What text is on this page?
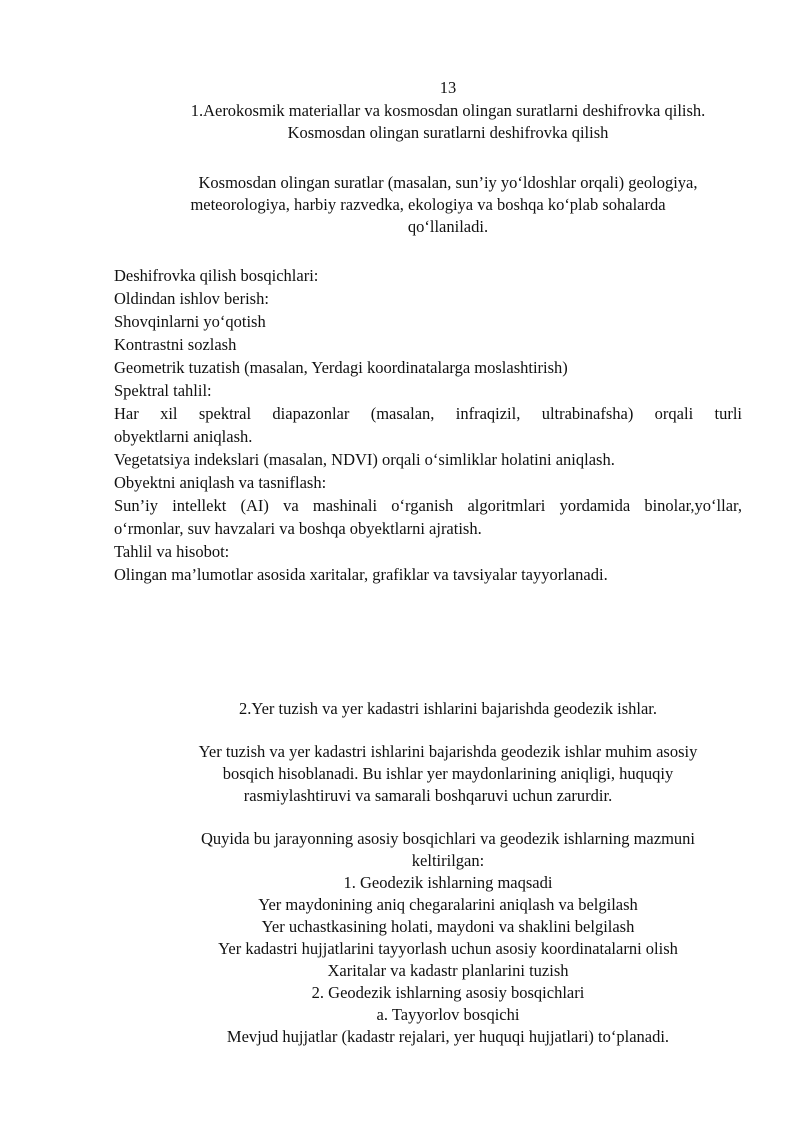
13
1.Aerokosmik materiallar va kosmosdan olingan suratlarni deshifrovka qilish.
Kosmosdan olingan suratlarni deshifrovka qilish
Kosmosdan olingan suratlar (masalan, sun’iy yo‘ldoshlar orqali) geologiya,
meteorologiya, harbiy razvedka, ekologiya va boshqa ko‘plab sohalarda
qo‘llaniladi.
Deshifrovka qilish bosqichlari:
Oldindan ishlov berish:
Shovqinlarni yo‘qotish
Kontrastni sozlash
Geometrik tuzatish (masalan, Yerdagi koordinatalarga moslashtirish)
Spektral tahlil:
Har xil spektral diapazonlar (masalan, infraqizil, ultrabinafsha) orqali turli
obyektlarni aniqlash.
Vegetatsiya indekslari (masalan, NDVI) orqali o‘simliklar holatini aniqlash.
Obyektni aniqlash va tasniflash:
Sun’iy intellekt (AI) va mashinali o‘rganish algoritmlari yordamida binolar,yo‘llar,
o‘rmonlar, suv havzalari va boshqa obyektlarni ajratish.
Tahlil va hisobot:
Olingan ma’lumotlar asosida xaritalar, grafiklar va tavsiyalar tayyorlanadi.
2.Yer tuzish va yer kadastri ishlarini bajarishda geodezik ishlar.
Yer tuzish va yer kadastri ishlarini bajarishda geodezik ishlar muhim asosiy
bosqich hisoblanadi. Bu ishlar yer maydonlarining aniqligi, huquqiy
rasmiylashtiruvi va samarali boshqaruvi uchun zarurdir.
Quyida bu jarayonning asosiy bosqichlari va geodezik ishlarning mazmuni
keltirilgan:
1. Geodezik ishlarning maqsadi
Yer maydonining aniq chegaralarini aniqlash va belgilash
Yer uchastkasining holati, maydoni va shaklini belgilash
Yer kadastri hujjatlarini tayyorlash uchun asosiy koordinatalarni olish
Xaritalar va kadastr planlarini tuzish
2. Geodezik ishlarning asosiy bosqichlari
a. Tayyorlov bosqichi
Mevjud hujjatlar (kadastr rejalari, yer huquqi hujjatlari) to‘planadi.
